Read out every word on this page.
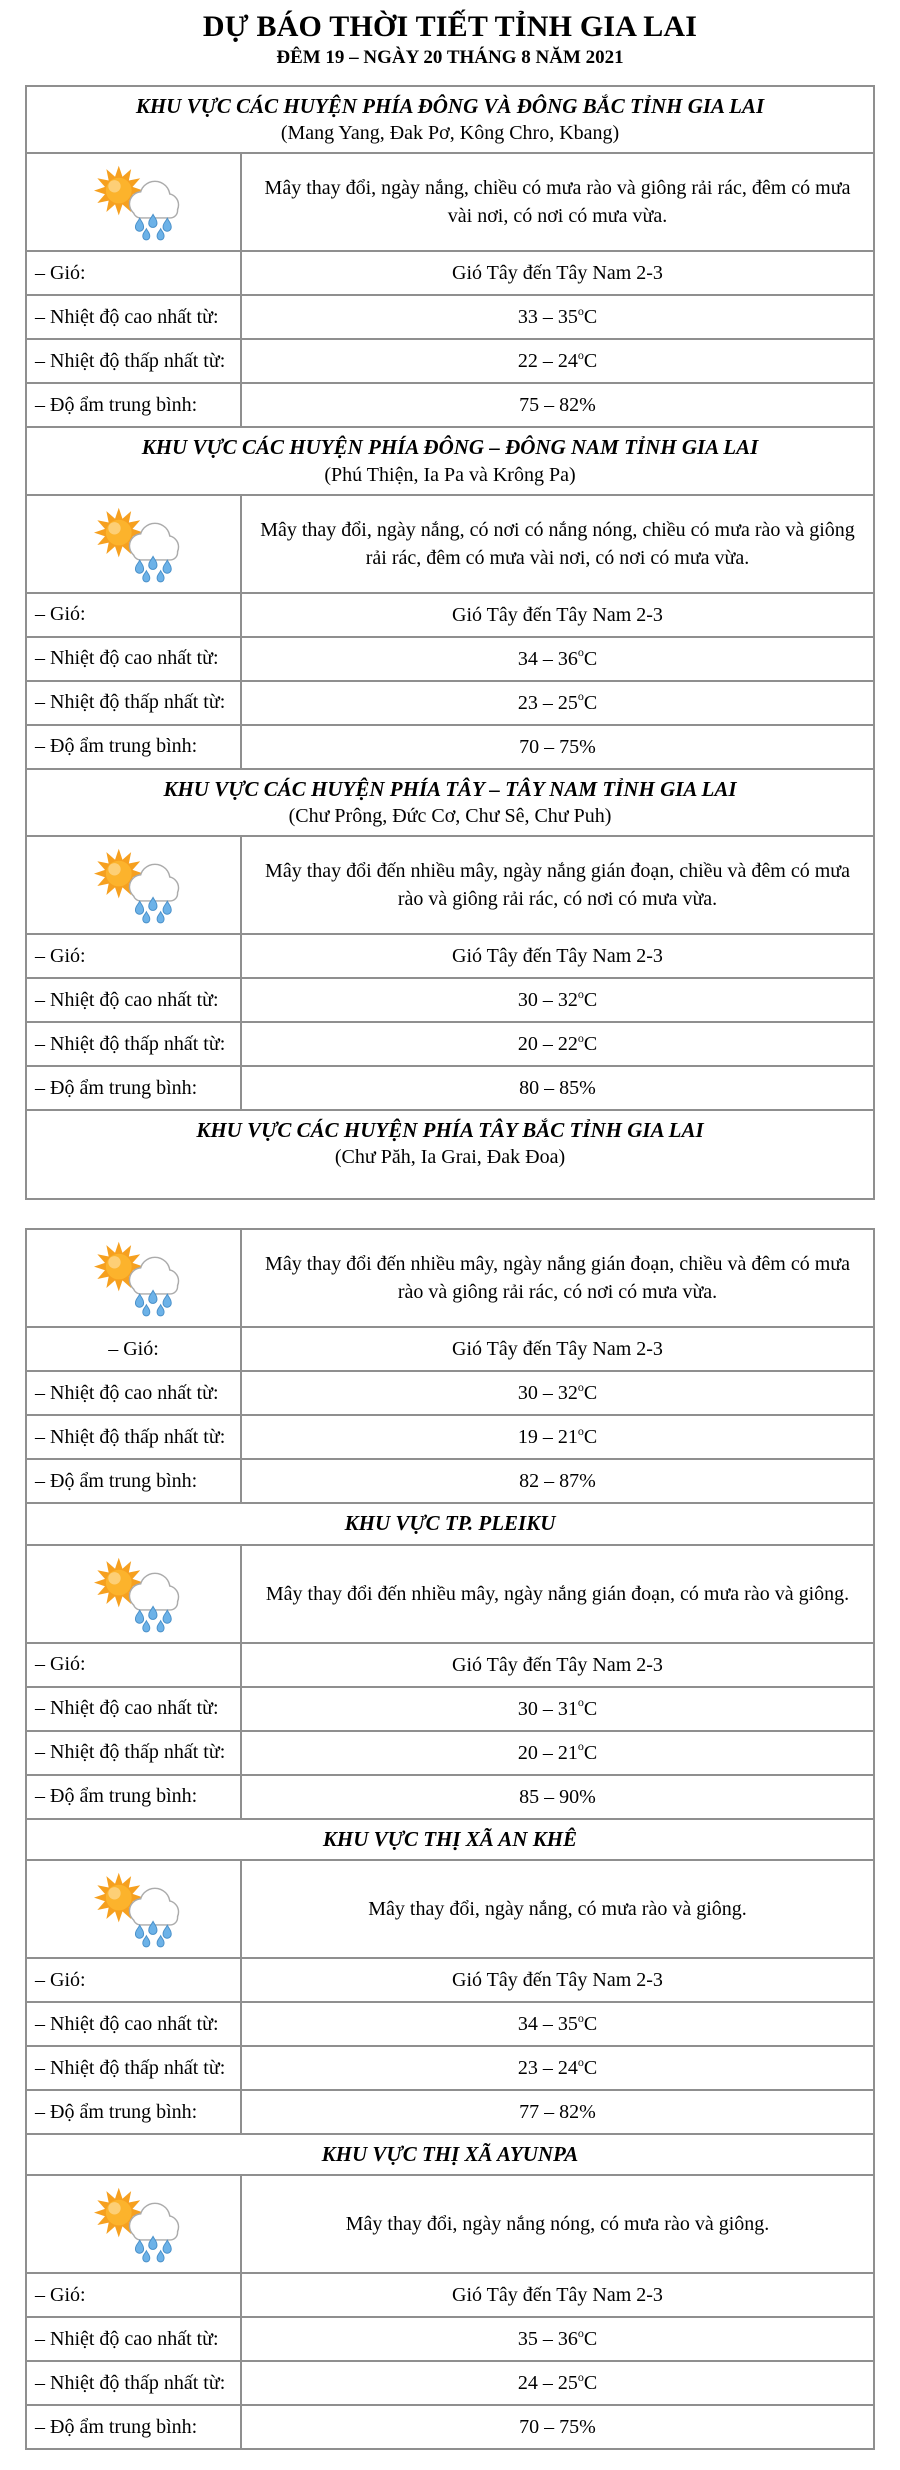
DỰ BÁO THỜI TIẾT TỈNH GIA LAI
ĐÊM 19 – NGÀY 20 THÁNG 8 NĂM 2021
KHU VỰC CÁC HUYỆN PHÍA ĐÔNG VÀ ĐÔNG BẮC TỈNH GIA LAI
(Mang Yang, Đak Pơ, Kông Chro, Kbang)
Mây thay đổi, ngày nắng, chiều có mưa rào và giông rải rác, đêm có mưa vài nơi, có nơi có mưa vừa.
– Gió:	Gió Tây đến Tây Nam 2-3
– Nhiệt độ cao nhất từ:	33 – 35$^o$C
– Nhiệt độ thấp nhất từ:	22 – 24$^o$C
– Độ ẩm trung bình:	75 – 82%
KHU VỰC CÁC HUYỆN PHÍA ĐÔNG – ĐÔNG NAM TỈNH GIA LAI
(Phú Thiện, Ia Pa và Krông Pa)
Mây thay đổi, ngày nắng, có nơi có nắng nóng, chiều có mưa rào và giông rải rác, đêm có mưa vài nơi, có nơi có mưa vừa.
– Gió:	Gió Tây đến Tây Nam 2-3
– Nhiệt độ cao nhất từ:	34 – 36$^o$C
– Nhiệt độ thấp nhất từ:	23 – 25$^o$C
– Độ ẩm trung bình:	70 – 75%
KHU VỰC CÁC HUYỆN PHÍA TÂY – TÂY NAM TỈNH GIA LAI
(Chư Prông, Đức Cơ, Chư Sê, Chư Puh)
Mây thay đổi đến nhiều mây, ngày nắng gián đoạn, chiều và đêm có mưa rào và giông rải rác, có nơi có mưa vừa.
– Gió:	Gió Tây đến Tây Nam 2-3
– Nhiệt độ cao nhất từ:	30 – 32$^o$C
– Nhiệt độ thấp nhất từ:	20 – 22$^o$C
– Độ ẩm trung bình:	80 – 85%
KHU VỰC CÁC HUYỆN PHÍA TÂY BẮC TỈNH GIA LAI
(Chư Păh, Ia Grai, Đak Đoa)
Mây thay đổi đến nhiều mây, ngày nắng gián đoạn, chiều và đêm có mưa rào và giông rải rác, có nơi có mưa vừa.
– Gió:	Gió Tây đến Tây Nam 2-3
– Nhiệt độ cao nhất từ:	30 – 32$^o$C
– Nhiệt độ thấp nhất từ:	19 – 21$^o$C
– Độ ẩm trung bình:	82 – 87%
KHU VỰC TP. PLEIKU
Mây thay đổi đến nhiều mây, ngày nắng gián đoạn, có mưa rào và giông.
– Gió:	Gió Tây đến Tây Nam 2-3
– Nhiệt độ cao nhất từ:	30 – 31$^o$C
– Nhiệt độ thấp nhất từ:	20 – 21$^o$C
– Độ ẩm trung bình:	85 – 90%
KHU VỰC THỊ XÃ AN KHÊ
Mây thay đổi, ngày nắng, có mưa rào và giông.
– Gió:	Gió Tây đến Tây Nam 2-3
– Nhiệt độ cao nhất từ:	34 – 35$^o$C
– Nhiệt độ thấp nhất từ:	23 – 24$^o$C
– Độ ẩm trung bình:	77 – 82%
KHU VỰC THỊ XÃ AYUNPA
Mây thay đổi, ngày nắng nóng, có mưa rào và giông.
– Gió:	Gió Tây đến Tây Nam 2-3
– Nhiệt độ cao nhất từ:	35 – 36$^o$C
– Nhiệt độ thấp nhất từ:	24 – 25$^o$C
– Độ ẩm trung bình:	70 – 75%
